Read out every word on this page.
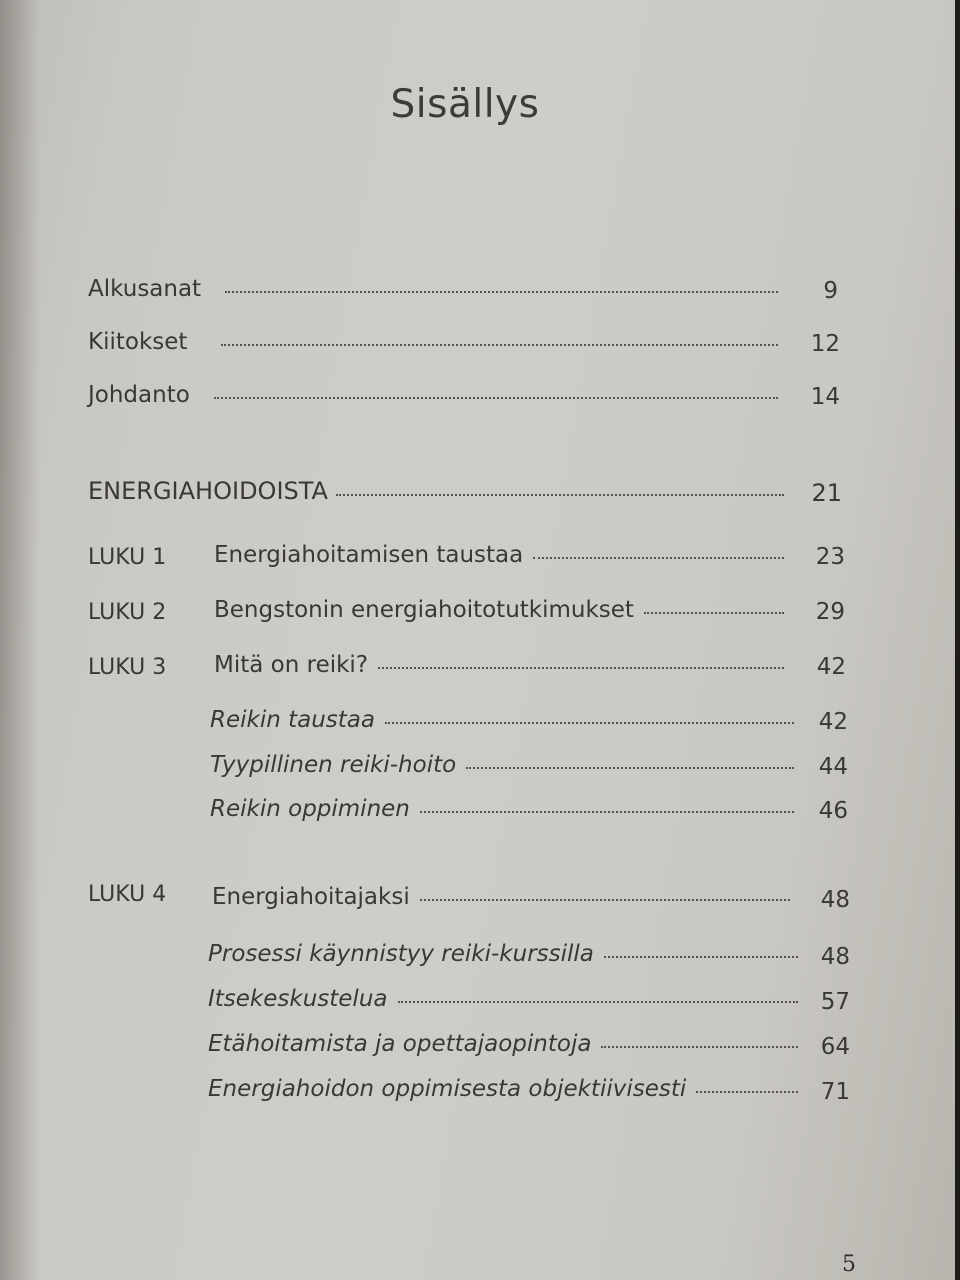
Sisällys
Alkusanat	9
Kiitokset	12
Johdanto	14
ENERGIAHOIDOISTA	21
LUKU 1 Energiahoitamisen taustaa	23
LUKU 2 Bengstonin energiahoitotutkimukset	29
LUKU 3 Mitä on reiki?	42
Reikin taustaa	42
Tyypillinen reiki-hoito	44
Reikin oppiminen	46
LUKU 4 Energiahoitajaksi	48
Prosessi käynnistyy reiki-kurssilla	48
Itsekeskustelua	57
Etähoitamista ja opettajaopintoja	64
Energiahoidon oppimisesta objektiivisesti	71
5
